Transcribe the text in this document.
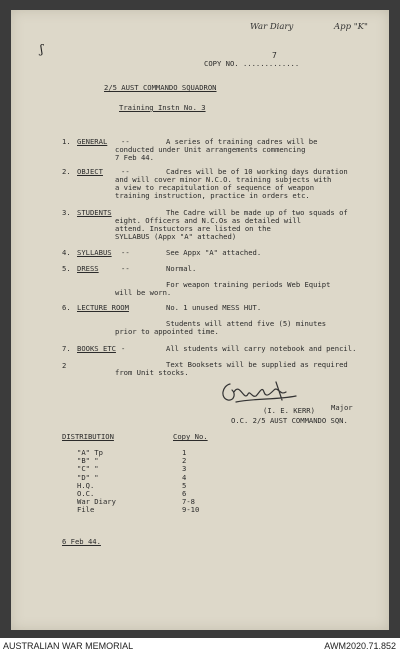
War Diary	App "K"
ʃ	7
COPY NO. .............
2/5 AUST COMMANDO SQUADRON
Training Instn No. 3
1. GENERAL --	A series of training cadres will be
conducted under Unit arrangements commencing
7 Feb 44.
2. OBJECT	--	Cadres will be of 10 working days duration
and will cover minor N.C.O. training subjects with
a view to recapitulation of sequence of weapon
training instruction, practice in orders etc.
3. STUDENTS	The Cadre will be made up of two squads of
eight. Officers and N.C.Os as detailed will
attend. Instuctors are listed on the
SYLLABUS (Appx "A" attached)
4. SYLLABUS --	See Appx "A" attached.
5. DRESS	--	Normal.
For weapon training periods Web Equipt
will be worn.
6. LECTURE ROOM	No. 1 unused MESS HUT.
Students will attend five (5) minutes
prior to appointed time.
7. BOOKS ETC -	All students will carry notebook and pencil.
Text Booksets will be supplied as required
from Unit stocks.
2
(I. E. KERR) Major
O.C. 2/5 AUST COMMANDO SQN.
DISTRIBUTION	Copy No.
"A" Tp	1
"B" "	2
"C" "	3
"D" "	4
H.Q.	5
O.C.	6
War Diary	7-8
File	9-10
6 Feb 44.
AUSTRALIAN WAR MEMORIAL	AWM2020.71.852
